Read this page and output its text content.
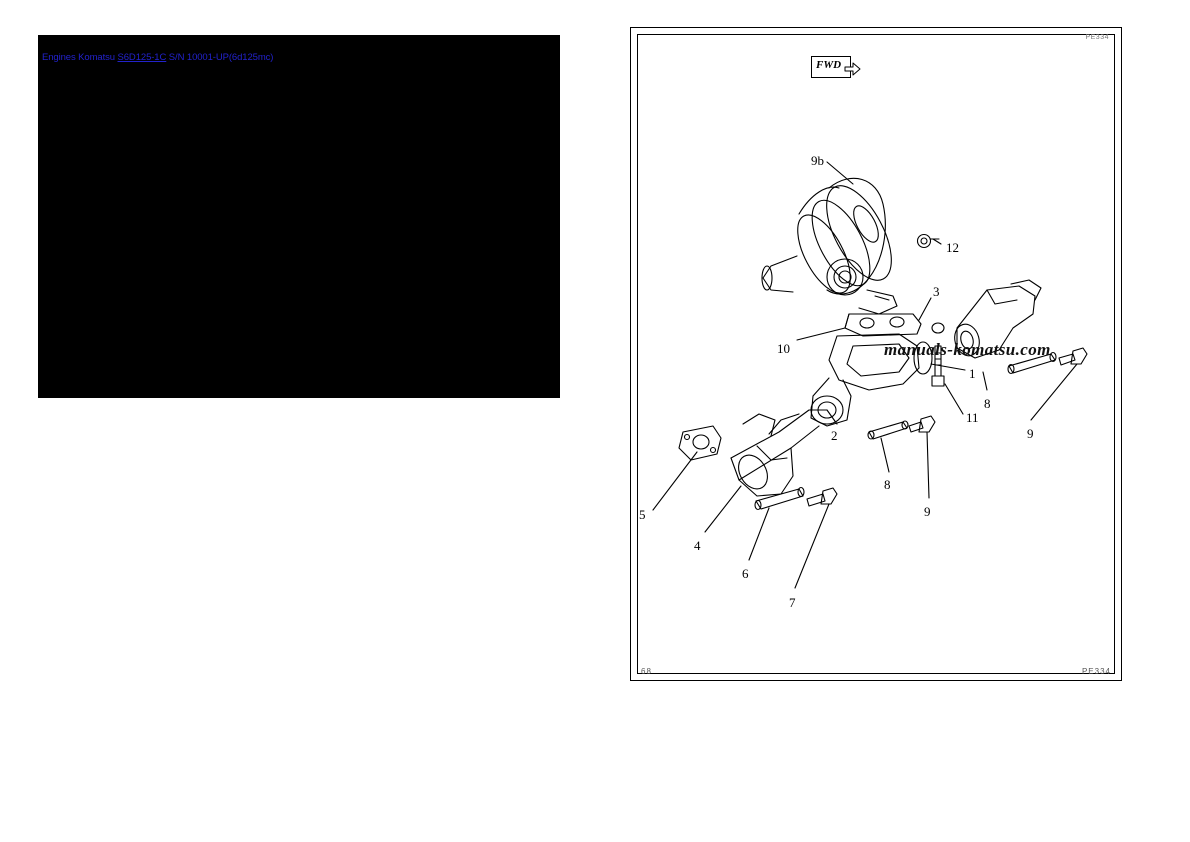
Engines Komatsu S6D125-1C S/N 10001-UP(6d125mc)
PE334
FWD
9b
12
3
10
1
11
2
8
9
8
9
5
4
6
7
manuals-komatsu.com
68	PE334
